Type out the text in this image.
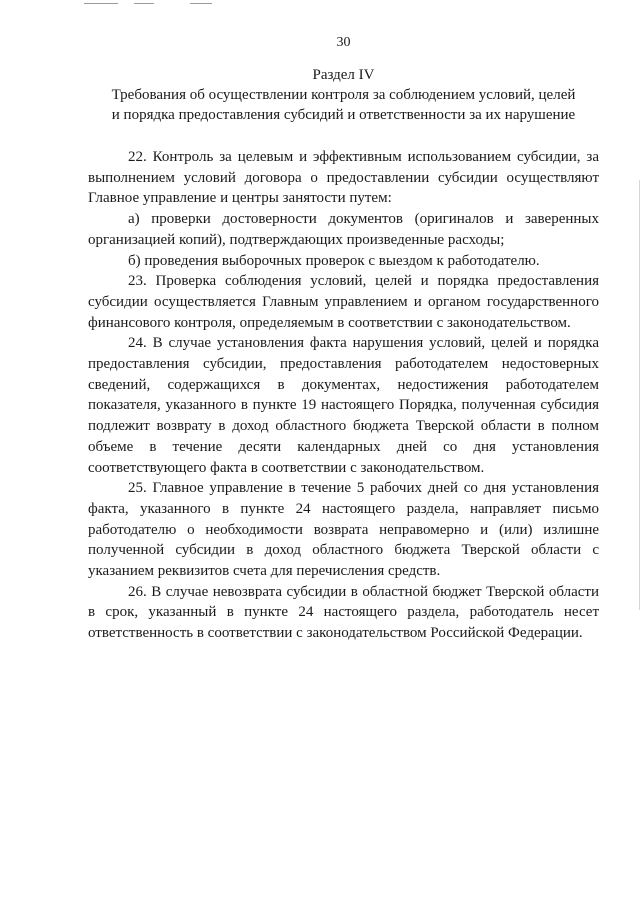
30
Раздел IV
Требования об осуществлении контроля за соблюдением условий, целей
и порядка предоставления субсидий и ответственности за их нарушение

22. Контроль за целевым и эффективным использованием субсидии, за выполнением условий договора о предоставлении субсидии осуществляют Главное управление и центры занятости путем:

а) проверки достоверности документов (оригиналов и заверенных организацией копий), подтверждающих произведенные расходы;

б) проведения выборочных проверок с выездом к работодателю.

23. Проверка соблюдения условий, целей и порядка предоставления субсидии осуществляется Главным управлением и органом государственного финансового контроля, определяемым в соответствии с законодательством.

24. В случае установления факта нарушения условий, целей и порядка предоставления субсидии, предоставления работодателем недостоверных сведений, содержащихся в документах, недостижения работодателем показателя, указанного в пункте 19 настоящего Порядка, полученная субсидия подлежит возврату в доход областного бюджета Тверской области в полном объеме в течение десяти календарных дней со дня установления соответствующего факта в соответствии с законодательством.

25. Главное управление в течение 5 рабочих дней со дня установления факта, указанного в пункте 24 настоящего раздела, направляет письмо работодателю о необходимости возврата неправомерно и (или) излишне полученной субсидии в доход областного бюджета Тверской области с указанием реквизитов счета для перечисления средств.

26. В случае невозврата субсидии в областной бюджет Тверской области в срок, указанный в пункте 24 настоящего раздела, работодатель несет ответственность в соответствии с законодательством Российской Федерации.
